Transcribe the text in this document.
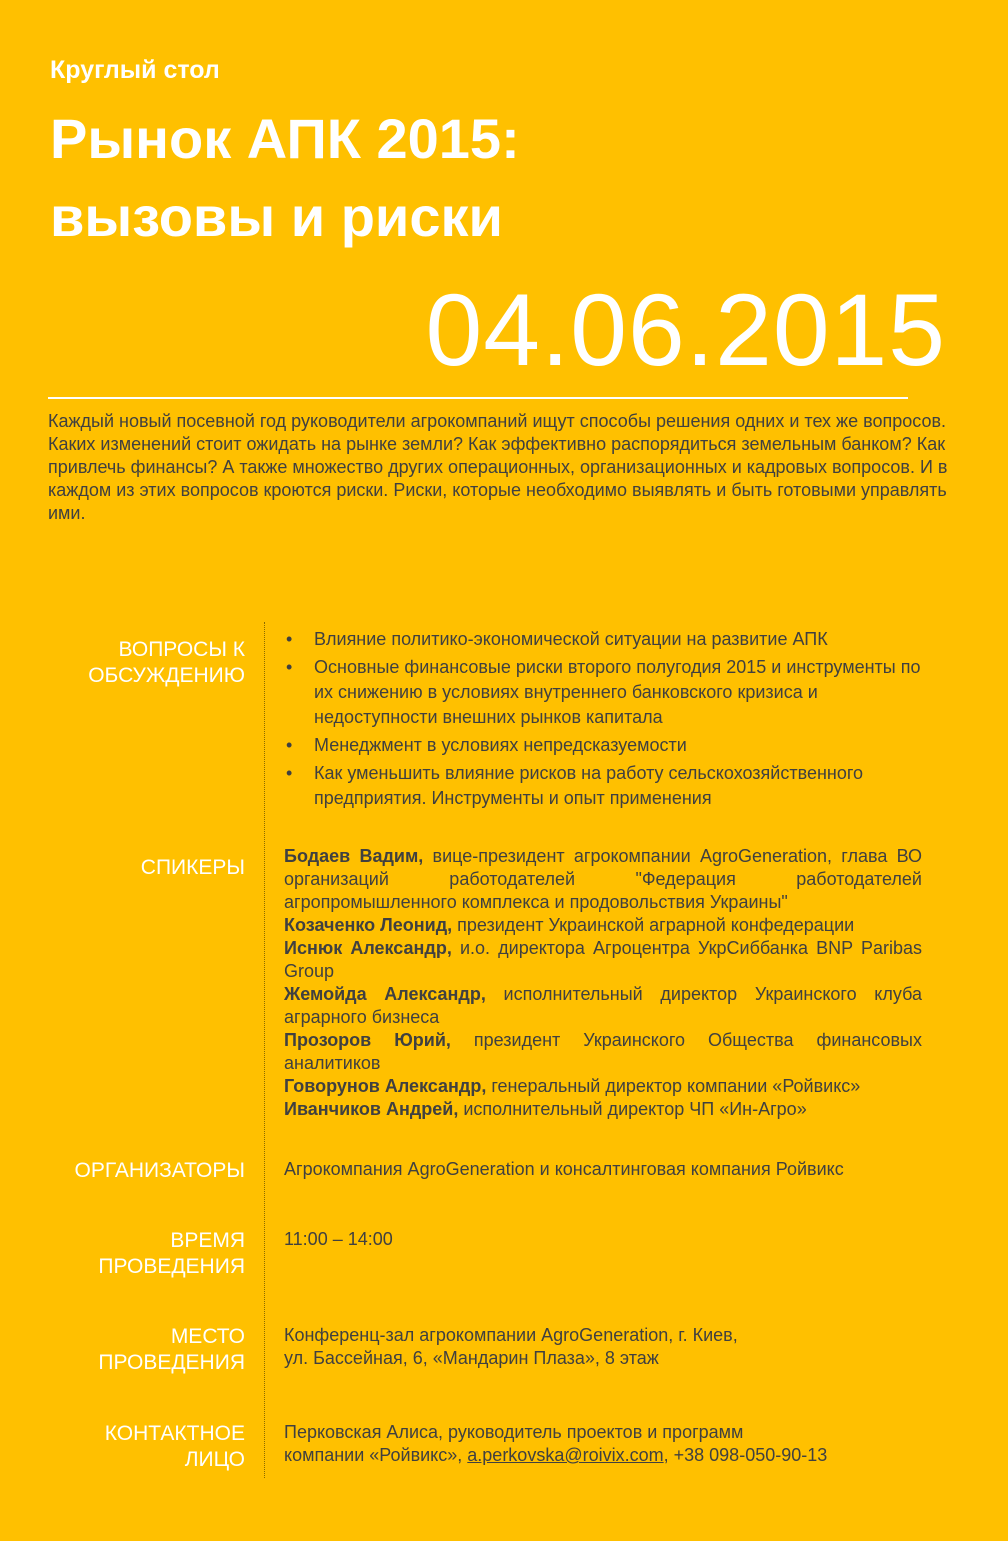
Круглый стол
Рынок АПК 2015:
вызовы и риски
04.06.2015
Каждый новый посевной год руководители агрокомпаний ищут способы решения одних и тех же вопросов. Каких изменений стоит ожидать на рынке земли? Как эффективно распорядиться земельным банком? Как привлечь финансы? А также множество других операционных, организационных и кадровых вопросов. И в каждом из этих вопросов кроются риски. Риски, которые необходимо выявлять и быть готовыми управлять ими.
ВОПРОСЫ К
ОБСУЖДЕНИЮ
• Влияние политико-экономической ситуации на развитие АПК
• Основные финансовые риски второго полугодия 2015 и инструменты по их снижению в условиях внутреннего банковского кризиса и недоступности внешних рынков капитала
• Менеджмент в условиях непредсказуемости
• Как уменьшить влияние рисков на работу сельскохозяйственного предприятия. Инструменты и опыт применения
СПИКЕРЫ Бодаев Вадим, вице-президент агрокомпании AgroGeneration, глава ВО организаций работодателей "Федерация работодателей агропромышленного комплекса и продовольствия Украины"

Козаченко Леонид, президент Украинской аграрной конфедерации

Иснюк Александр, и.о. директора Агроцентра УкрСиббанка BNP Paribas Group

Жемойда Александр, исполнительный директор Украинского клуба аграрного бизнеса

Прозоров Юрий, президент Украинского Общества финансовых аналитиков

Говорунов Александр, генеральный директор компании «Ройвикс»

Иванчиков Андрей, исполнительный директор ЧП «Ин-Агро»

ОРГАНИЗАТОРЫ Агрокомпания AgroGeneration и консалтинговая компания Ройвикс
ВРЕМЯ
ПРОВЕДЕНИЯ
11:00 – 14:00
МЕСТО
ПРОВЕДЕНИЯ
Конференц-зал агрокомпании AgroGeneration, г. Киев,
ул. Бассейная, 6, «Мандарин Плаза», 8 этаж
КОНТАКТНОЕ
ЛИЦО
Перковская Алиса, руководитель проектов и программ
компании «Ройвикс», a.perkovska@roivix.com, +38 098-050-90-13
